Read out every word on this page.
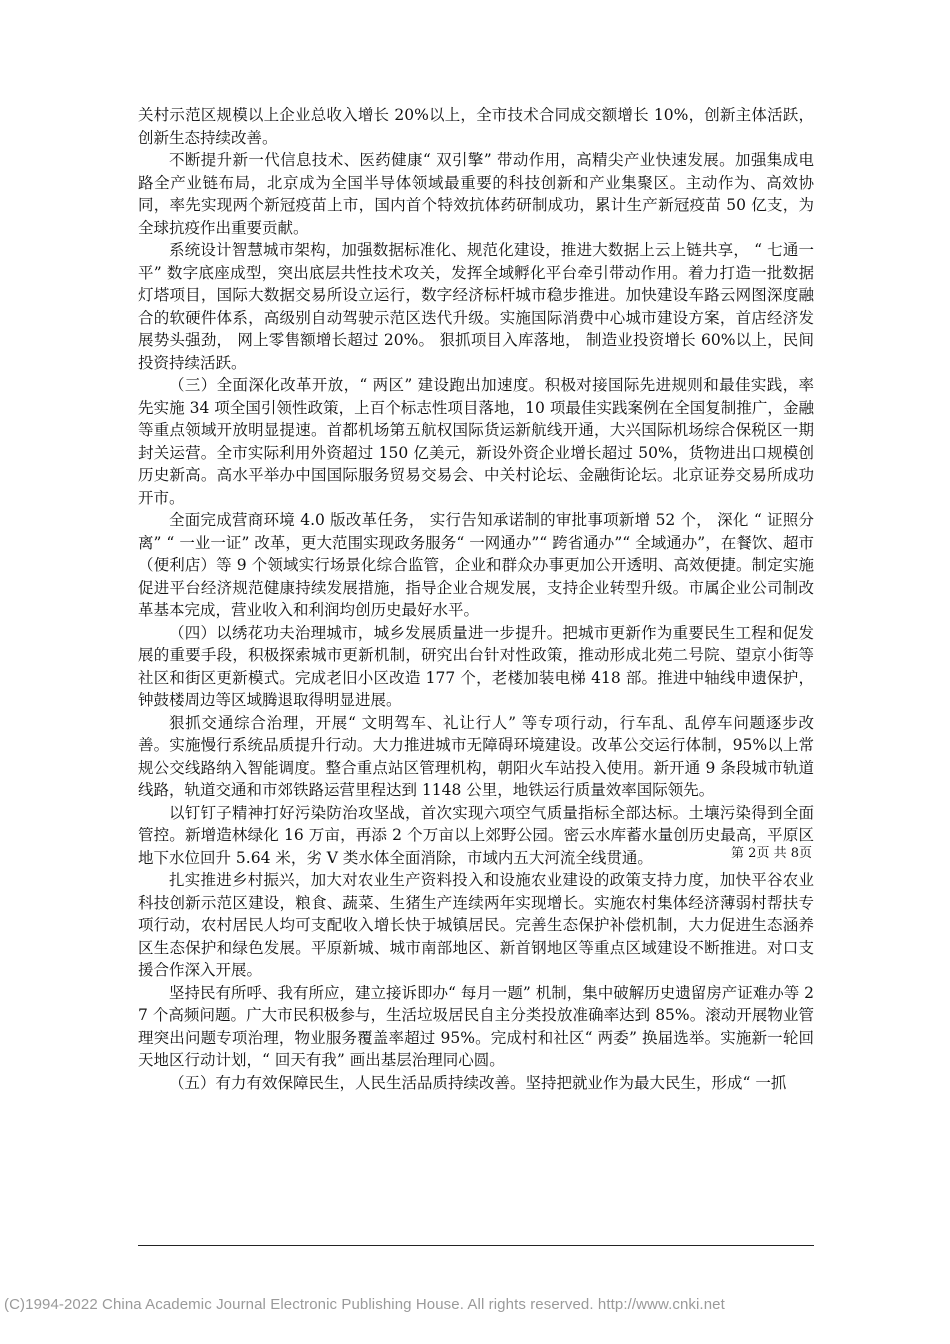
关村示范区规模以上企业总收入增长 20%以上，全市技术合同成交额增长 10%，创新主体活跃，创新生态持续改善。

不断提升新一代信息技术、医药健康“ 双引擎” 带动作用，高精尖产业快速发展。加强集成电路全产业链布局，北京成为全国半导体领域最重要的科技创新和产业集聚区。主动作为、高效协同，率先实现两个新冠疫苗上市，国内首个特效抗体药研制成功，累计生产新冠疫苗 50 亿支，为全球抗疫作出重要贡献。

系统设计智慧城市架构，加强数据标准化、规范化建设，推进大数据上云上链共享， “ 七通一平” 数字底座成型，突出底层共性技术攻关，发挥全域孵化平台牵引带动作用。着力打造一批数据灯塔项目，国际大数据交易所设立运行，数字经济标杆城市稳步推进。加快建设车路云网图深度融合的软硬件体系，高级别自动驾驶示范区迭代升级。实施国际消费中心城市建设方案，首店经济发展势头强劲， 网上零售额增长超过 20%。 狠抓项目入库落地， 制造业投资增长 60%以上，民间投资持续活跃。

（三）全面深化改革开放，“ 两区” 建设跑出加速度。积极对接国际先进规则和最佳实践，率先实施 34 项全国引领性政策，上百个标志性项目落地，10 项最佳实践案例在全国复制推广，金融等重点领域开放明显提速。首都机场第五航权国际货运新航线开通，大兴国际机场综合保税区一期封关运营。全市实际利用外资超过 150 亿美元，新设外资企业增长超过 50%，货物进出口规模创历史新高。高水平举办中国国际服务贸易交易会、中关村论坛、金融街论坛。北京证券交易所成功开市。

全面完成营商环境 4.0 版改革任务， 实行告知承诺制的审批事项新增 52 个， 深化 “ 证照分离” “ 一业一证” 改革，更大范围实现政务服务“ 一网通办”“ 跨省通办”“ 全域通办”，在餐饮、超市（便利店）等 9 个领域实行场景化综合监管，企业和群众办事更加公开透明、高效便捷。制定实施促进平台经济规范健康持续发展措施，指导企业合规发展，支持企业转型升级。市属企业公司制改革基本完成，营业收入和利润均创历史最好水平。

（四）以绣花功夫治理城市，城乡发展质量进一步提升。把城市更新作为重要民生工程和促发展的重要手段，积极探索城市更新机制，研究出台针对性政策，推动形成北苑二号院、望京小街等社区和街区更新模式。完成老旧小区改造 177 个，老楼加装电梯 418 部。推进中轴线申遗保护，钟鼓楼周边等区域腾退取得明显进展。

狠抓交通综合治理，开展“ 文明驾车、礼让行人” 等专项行动，行车乱、乱停车问题逐步改善。实施慢行系统品质提升行动。大力推进城市无障碍环境建设。改革公交运行体制，95%以上常规公交线路纳入智能调度。整合重点站区管理机构，朝阳火车站投入使用。新开通 9 条段城市轨道线路，轨道交通和市郊铁路运营里程达到 1148 公里，地铁运行质量效率国际领先。

以钉钉子精神打好污染防治攻坚战，首次实现六项空气质量指标全部达标。土壤污染得到全面管控。新增造林绿化 16 万亩，再添 2 个万亩以上郊野公园。密云水库蓄水量创历史最高，平原区地下水位回升 5.64 米，劣 V 类水体全面消除，市域内五大河流全线贯通。

扎实推进乡村振兴，加大对农业生产资料投入和设施农业建设的政策支持力度，加快平谷农业科技创新示范区建设，粮食、蔬菜、生猪生产连续两年实现增长。实施农村集体经济薄弱村帮扶专项行动，农村居民人均可支配收入增长快于城镇居民。完善生态保护补偿机制，大力促进生态涵养区生态保护和绿色发展。平原新城、城市南部地区、新首钢地区等重点区域建设不断推进。对口支援合作深入开展。

坚持民有所呼、我有所应，建立接诉即办“ 每月一题” 机制，集中破解历史遗留房产证难办等 27 个高频问题。广大市民积极参与，生活垃圾居民自主分类投放准确率达到 85%。滚动开展物业管理突出问题专项治理，物业服务覆盖率超过 95%。完成村和社区“ 两委” 换届选举。实施新一轮回天地区行动计划，“ 回天有我” 画出基层治理同心圆。

（五）有力有效保障民生，人民生活品质持续改善。坚持把就业作为最大民生，形成“ 一抓

第 2页 共 8页
(C)1994-2022 China Academic Journal Electronic Publishing House. All rights reserved. http://www.cnki.net
